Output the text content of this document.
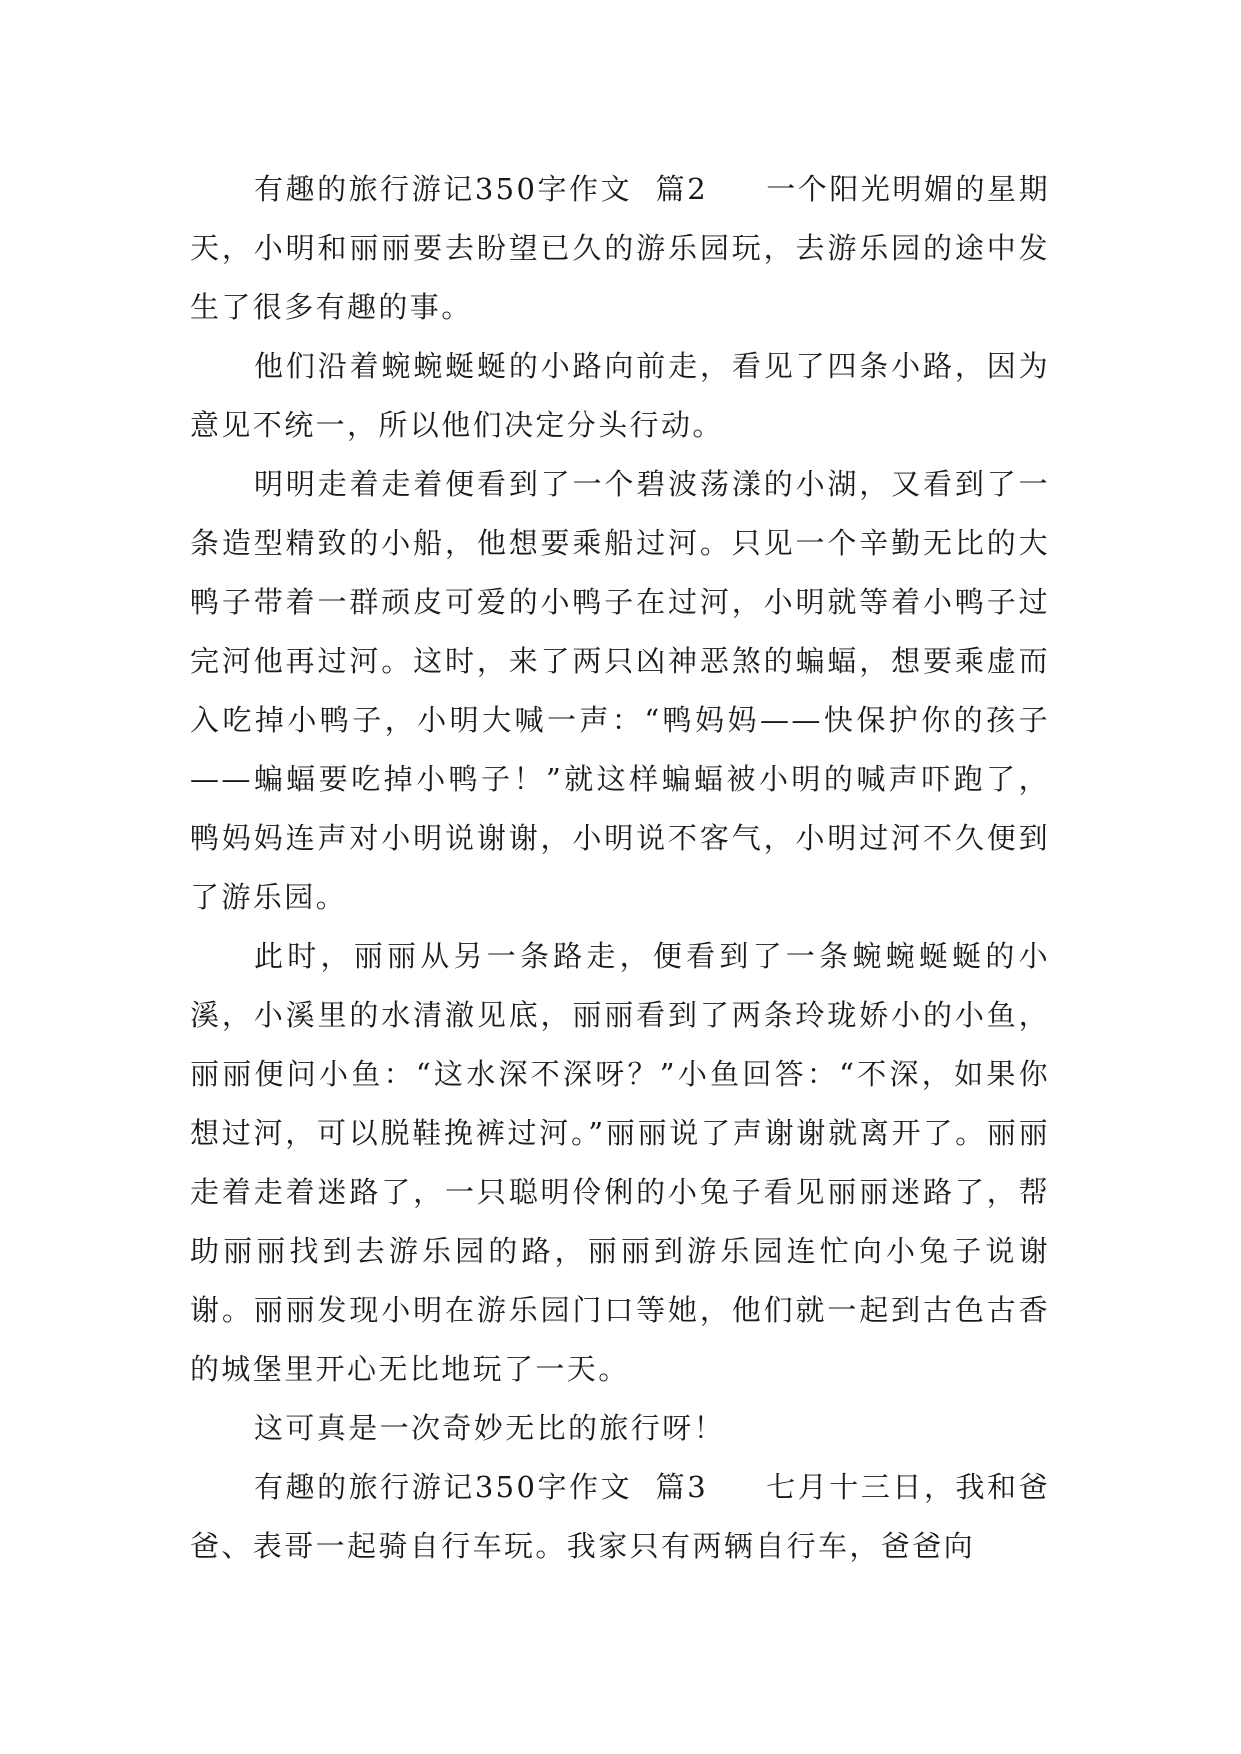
有趣的旅行游记350字作文  篇2 一个阳光明媚的星期天，小明和丽丽要去盼望已久的游乐园玩，去游乐园的途中发生了很多有趣的事。

他们沿着蜿蜿蜒蜒的小路向前走，看见了四条小路，因为意见不统一，所以他们决定分头行动。

明明走着走着便看到了一个碧波荡漾的小湖，又看到了一条造型精致的小船，他想要乘船过河。只见一个辛勤无比的大鸭子带着一群顽皮可爱的小鸭子在过河，小明就等着小鸭子过完河他再过河。这时，来了两只凶神恶煞的蝙蝠，想要乘虚而入吃掉小鸭子，小明大喊一声：“鸭妈妈——快保护你的孩子——蝙蝠要吃掉小鸭子！”就这样蝙蝠被小明的喊声吓跑了，鸭妈妈连声对小明说谢谢，小明说不客气，小明过河不久便到了游乐园。

此时，丽丽从另一条路走，便看到了一条蜿蜿蜒蜒的小溪，小溪里的水清澈见底，丽丽看到了两条玲珑娇小的小鱼，丽丽便问小鱼：“这水深不深呀？”小鱼回答：“不深，如果你想过河，可以脱鞋挽裤过河。”丽丽说了声谢谢就离开了。丽丽走着走着迷路了，一只聪明伶俐的小兔子看见丽丽迷路了，帮助丽丽找到去游乐园的路，丽丽到游乐园连忙向小兔子说谢谢。丽丽发现小明在游乐园门口等她，他们就一起到古色古香的城堡里开心无比地玩了一天。

这可真是一次奇妙无比的旅行呀！

有趣的旅行游记350字作文  篇3 七月十三日，我和爸爸、表哥一起骑自行车玩。我家只有两辆自行车，爸爸向
